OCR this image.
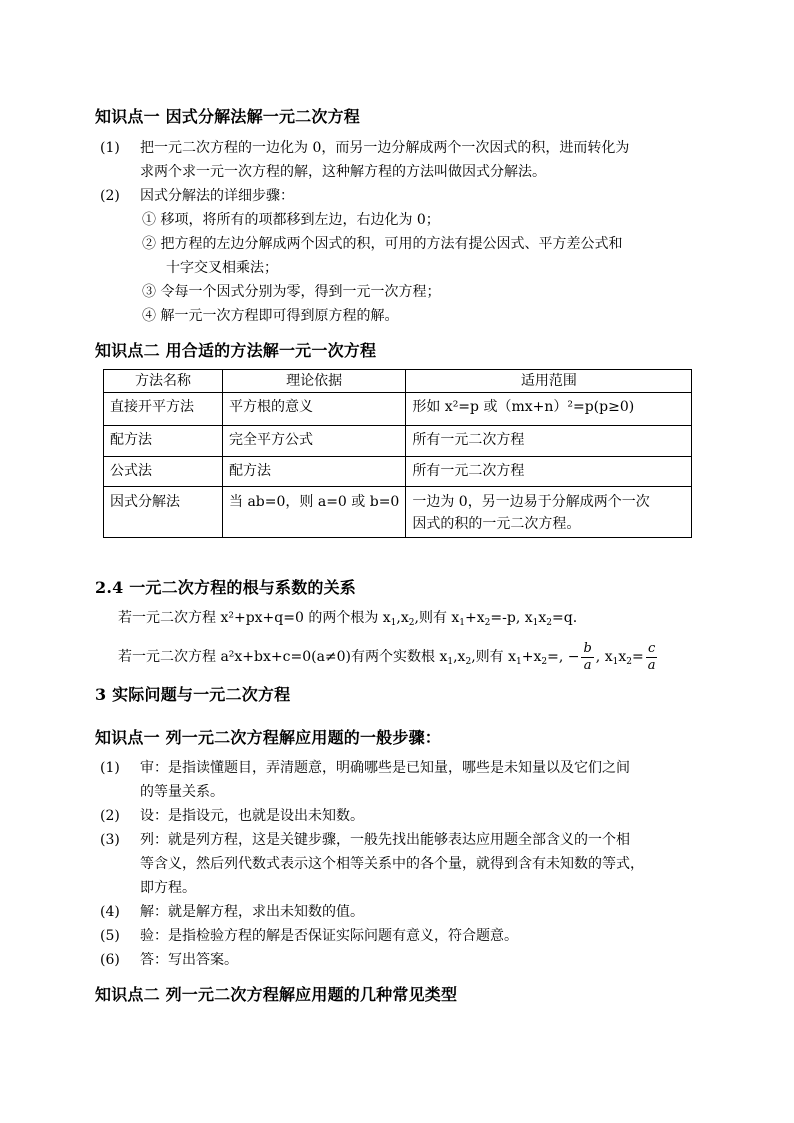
知识点一 因式分解法解一元二次方程
(1) 把一元二次方程的一边化为 0，而另一边分解成两个一次因式的积，进而转化为
求两个求一元一次方程的解，这种解方程的方法叫做因式分解法。
(2) 因式分解法的详细步骤：
① 移项，将所有的项都移到左边，右边化为 0；
② 把方程的左边分解成两个因式的积，可用的方法有提公因式、平方差公式和
十字交叉相乘法；
③ 令每一个因式分别为零，得到一元一次方程；
④ 解一元一次方程即可得到原方程的解。
知识点二 用合适的方法解一元一次方程
方法名称	理论依据	适用范围
直接开平方法	平方根的意义	形如 x²=p 或（mx+n）²=p(p≥0)
配方法	完全平方公式	所有一元二次方程
公式法	配方法	所有一元二次方程
因式分解法	当 ab=0，则 a=0 或 b=0	一边为 0，另一边易于分解成两个一次
因式的积的一元二次方程。
2.4 一元二次方程的根与系数的关系
若一元二次方程 x²+px+q=0 的两个根为 $x_1,x_2$,则有 $x_1+x_2=-p$, $x_1x_2=q$.
若一元二次方程 a²x+bx+c=0(a≠0)有两个实数根 $x_1,x_2$,则有 $x_1+x_2=$, − $\frac{b}{a}$ , $x_1x_2= \frac{c}{a}$
3 实际问题与一元二次方程
知识点一 列一元二次方程解应用题的一般步骤：
(1) 审：是指读懂题目，弄清题意，明确哪些是已知量，哪些是未知量以及它们之间
的等量关系。
(2) 设：是指设元，也就是设出未知数。
(3) 列：就是列方程，这是关键步骤，一般先找出能够表达应用题全部含义的一个相
等含义，然后列代数式表示这个相等关系中的各个量，就得到含有未知数的等式，
即方程。
(4) 解：就是解方程，求出未知数的值。
(5) 验：是指检验方程的解是否保证实际问题有意义，符合题意。
(6) 答：写出答案。
知识点二 列一元二次方程解应用题的几种常见类型
